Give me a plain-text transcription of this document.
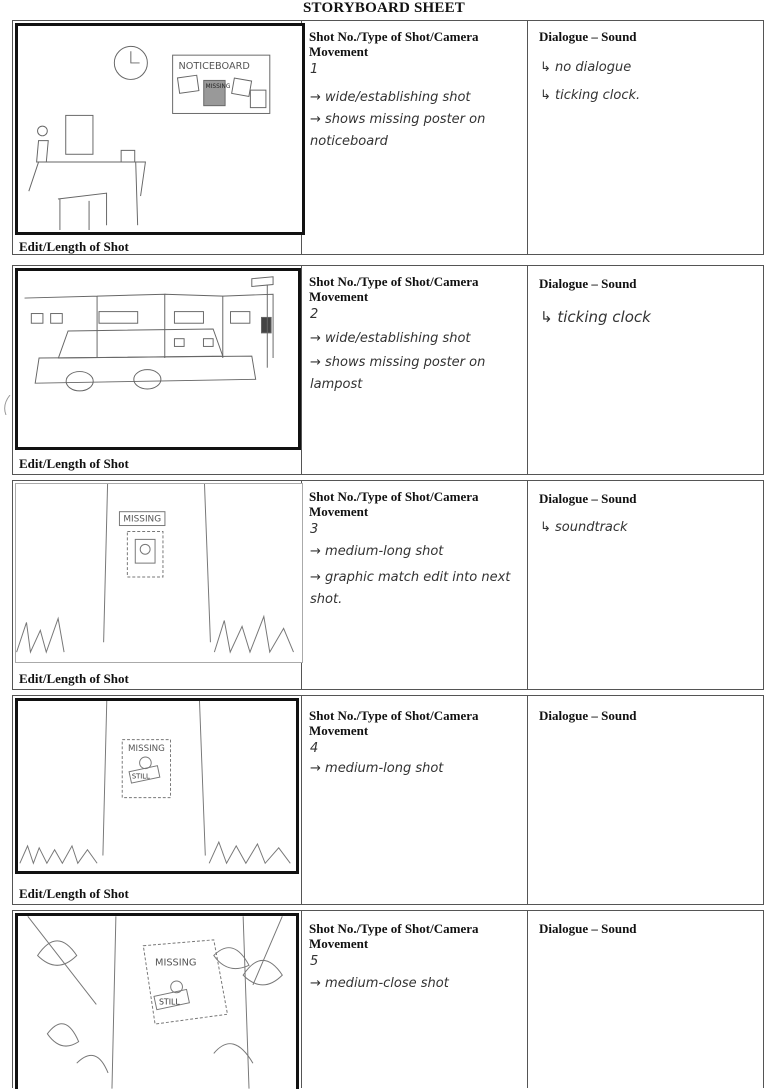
STORYBOARD SHEET
NOTICEBOARD
MISSING
Edit/Length of Shot
Shot No./Type of Shot/Camera Movement
1
→ wide/establishing shot
→ shows missing poster on noticeboard
Dialogue – Sound
↳ no dialogue
↳ ticking clock.
Edit/Length of Shot
Shot No./Type of Shot/Camera Movement
2
→ wide/establishing shot
→ shows missing poster on lampost
Dialogue – Sound
↳ ticking clock
MISSING
Edit/Length of Shot
Shot No./Type of Shot/Camera Movement
3
→ medium-long shot
→ graphic match edit into next shot.
Dialogue – Sound
↳ soundtrack
MISSING
STILL
Edit/Length of Shot
Shot No./Type of Shot/Camera Movement
4
→ medium-long shot
Dialogue – Sound
MISSING
STILL
Shot No./Type of Shot/Camera Movement
5
→ medium-close shot
Dialogue – Sound
